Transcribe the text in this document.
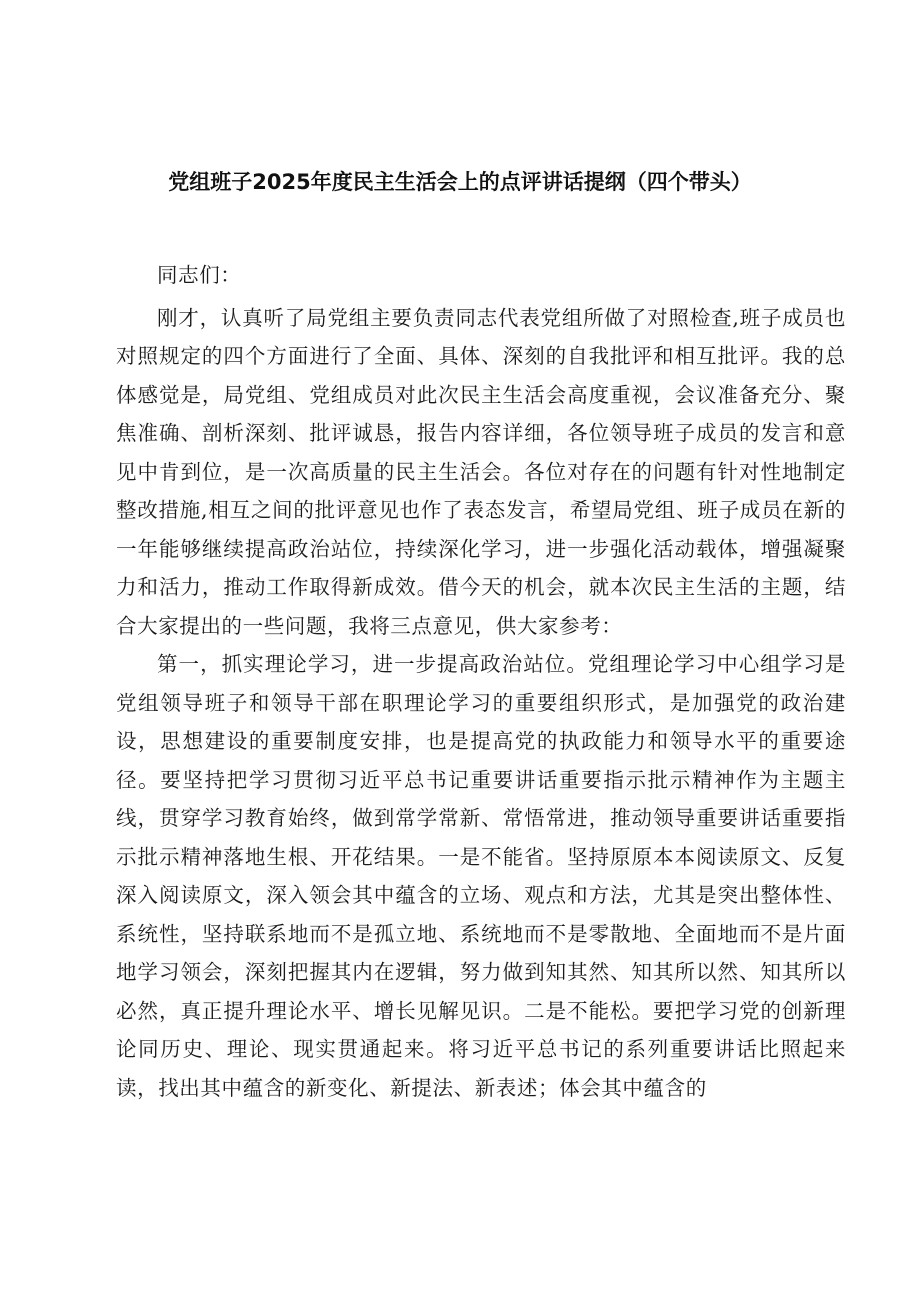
党组班子2025年度民主生活会上的点评讲话提纲（四个带头）

同志们：

刚才，认真听了局党组主要负责同志代表党组所做了对照检查,班子成员也对照规定的四个方面进行了全面、具体、深刻的自我批评和相互批评。我的总体感觉是，局党组、党组成员对此次民主生活会高度重视，会议准备充分、聚焦准确、剖析深刻、批评诚恳，报告内容详细，各位领导班子成员的发言和意见中肯到位，是一次高质量的民主生活会。各位对存在的问题有针对性地制定整改措施,相互之间的批评意见也作了表态发言，希望局党组、班子成员在新的一年能够继续提高政治站位，持续深化学习，进一步强化活动载体，增强凝聚力和活力，推动工作取得新成效。借今天的机会，就本次民主生活的主题，结合大家提出的一些问题，我将三点意见，供大家参考：

第一，抓实理论学习，进一步提高政治站位。党组理论学习中心组学习是党组领导班子和领导干部在职理论学习的重要组织形式，是加强党的政治建设，思想建设的重要制度安排，也是提高党的执政能力和领导水平的重要途径。要坚持把学习贯彻习近平总书记重要讲话重要指示批示精神作为主题主线，贯穿学习教育始终，做到常学常新、常悟常进，推动领导重要讲话重要指示批示精神落地生根、开花结果。一是不能省。坚持原原本本阅读原文、反复深入阅读原文，深入领会其中蕴含的立场、观点和方法，尤其是突出整体性、系统性，坚持联系地而不是孤立地、系统地而不是零散地、全面地而不是片面地学习领会，深刻把握其内在逻辑，努力做到知其然、知其所以然、知其所以必然，真正提升理论水平、增长见解见识。二是不能松。要把学习党的创新理论同历史、理论、现实贯通起来。将习近平总书记的系列重要讲话比照起来读，找出其中蕴含的新变化、新提法、新表述；体会其中蕴含的
